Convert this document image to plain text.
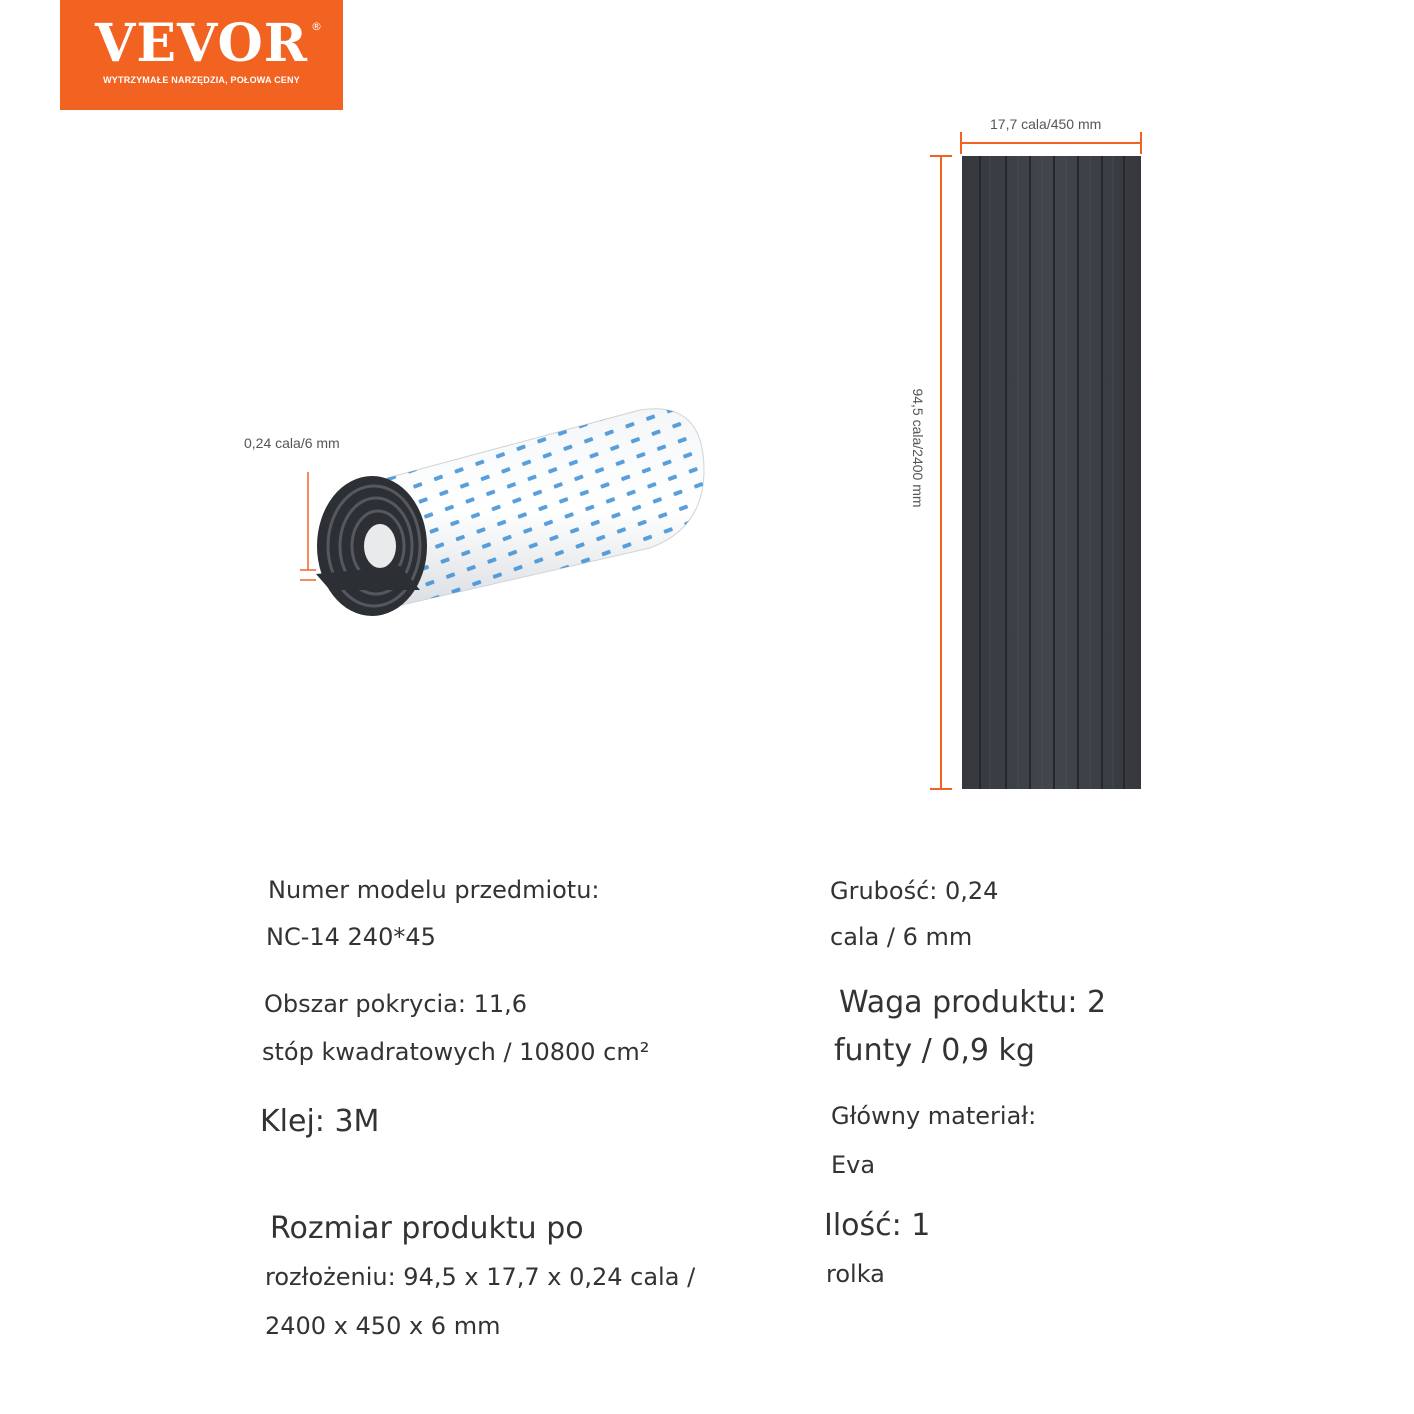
VEVOR ®
WYTRZYMAŁE NARZĘDZIA, POŁOWA CENY
17,7 cala/450 mm
0,24 cala/6 mm	94,5 cala/2400 mm
Numer modelu przedmiotu:
NC-14 240*45
Obszar pokrycia: 11,6
stóp kwadratowych / 10800 cm²
Klej: 3M
Rozmiar produktu po
rozłożeniu: 94,5 x 17,7 x 0,24 cala /
2400 x 450 x 6 mm
Grubość: 0,24
cala / 6 mm
Waga produktu: 2
funty / 0,9 kg
Główny materiał:
Eva
Ilość: 1
rolka
